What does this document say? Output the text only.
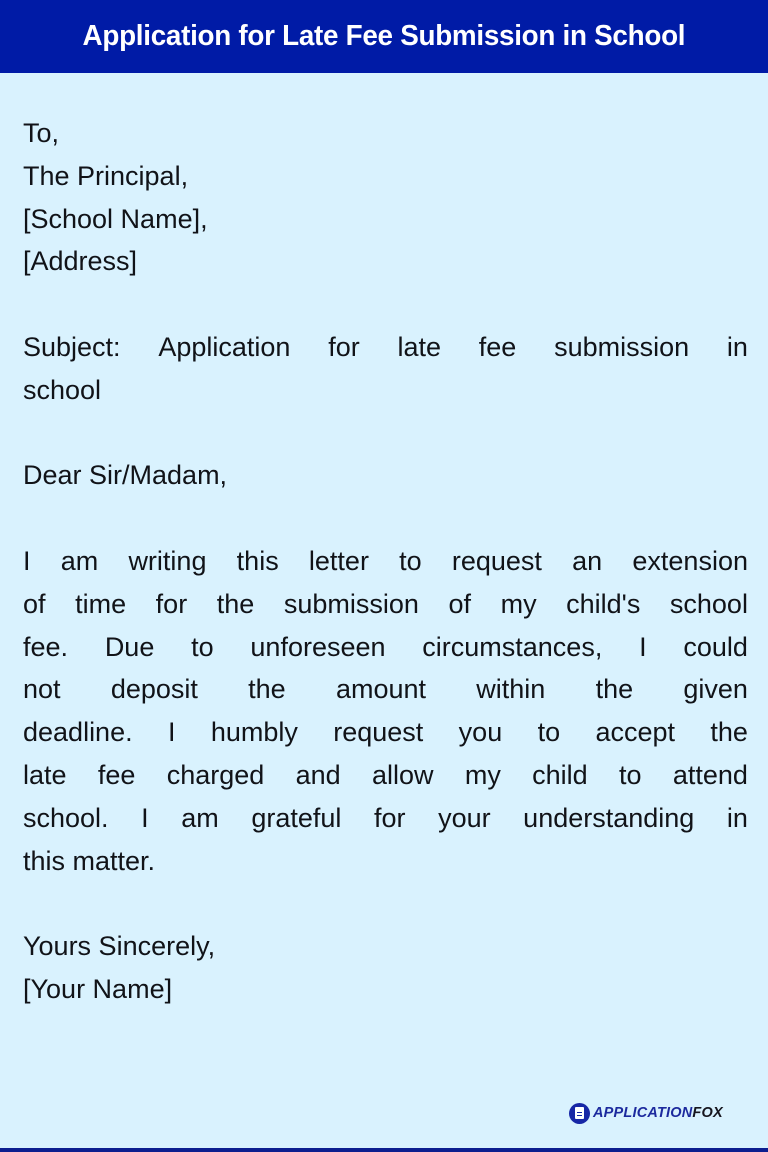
Application for Late Fee Submission in School
To,
The Principal,
[School Name],
[Address]
Subject: Application for late fee submission in
school
Dear Sir/Madam,
I am writing this letter to request an extension
of time for the submission of my child's school
fee. Due to unforeseen circumstances, I could
not deposit the amount within the given
deadline. I humbly request you to accept the
late fee charged and allow my child to attend
school. I am grateful for your understanding in
this matter.
Yours Sincerely,
[Your Name]
APPLICATIONFOX
